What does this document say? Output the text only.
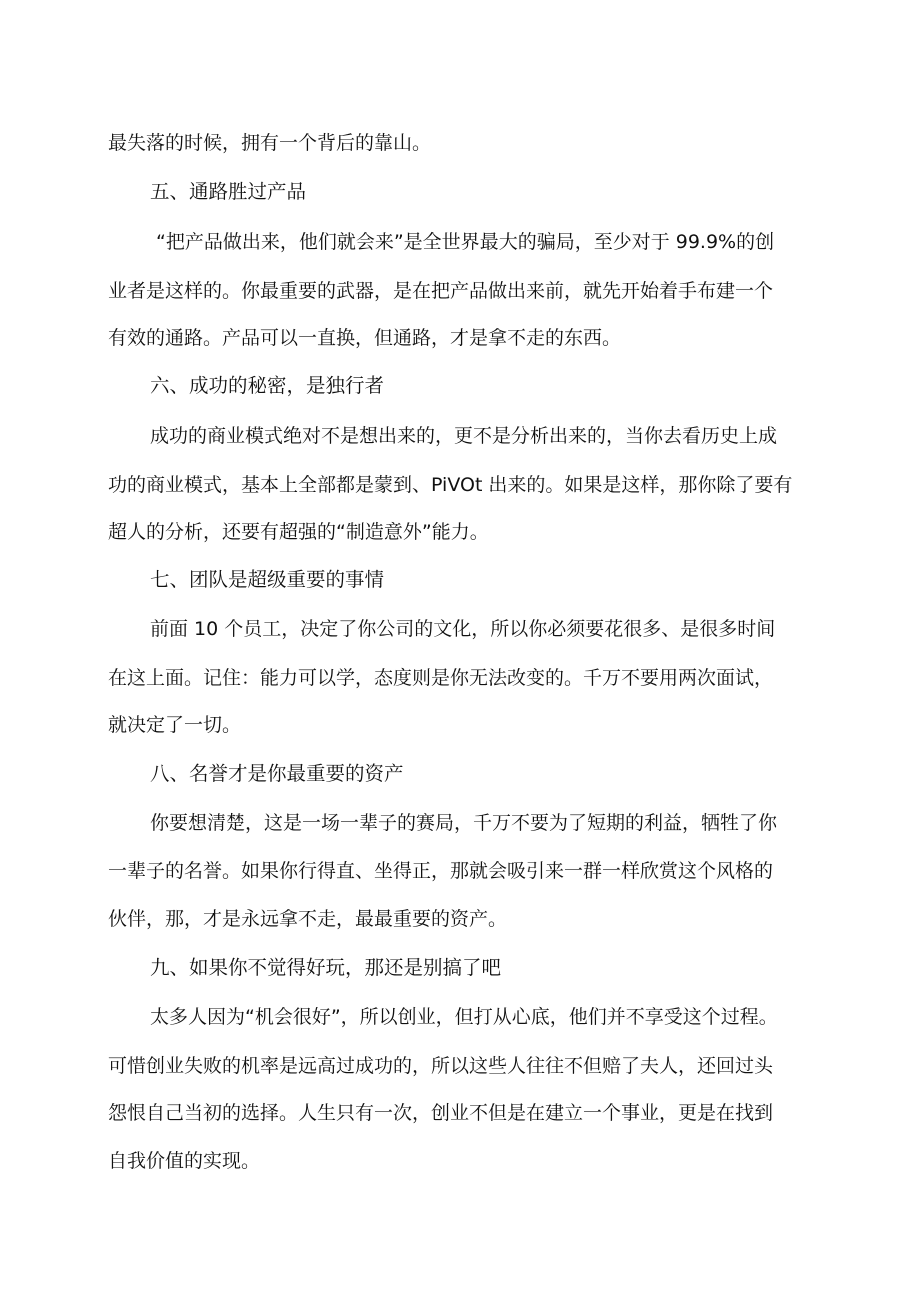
最失落的时候，拥有一个背后的靠山。
五、通路胜过产品
“把产品做出来，他们就会来”是全世界最大的骗局，至少对于 99.9%的创
业者是这样的。你最重要的武器，是在把产品做出来前，就先开始着手布建一个
有效的通路。产品可以一直换，但通路，才是拿不走的东西。
六、成功的秘密，是独行者
成功的商业模式绝对不是想出来的，更不是分析出来的，当你去看历史上成
功的商业模式，基本上全部都是蒙到、PiVOt 出来的。如果是这样，那你除了要有
超人的分析，还要有超强的“制造意外”能力。
七、团队是超级重要的事情
前面 10 个员工，决定了你公司的文化，所以你必须要花很多、是很多时间
在这上面。记住：能力可以学，态度则是你无法改变的。千万不要用两次面试，
就决定了一切。
八、名誉才是你最重要的资产
你要想清楚，这是一场一辈子的赛局，千万不要为了短期的利益，牺牲了你
一辈子的名誉。如果你行得直、坐得正，那就会吸引来一群一样欣赏这个风格的
伙伴，那，才是永远拿不走，最最重要的资产。
九、如果你不觉得好玩，那还是别搞了吧
太多人因为“机会很好”，所以创业，但打从心底，他们并不享受这个过程。
可惜创业失败的机率是远高过成功的，所以这些人往往不但赔了夫人，还回过头
怨恨自己当初的选择。人生只有一次，创业不但是在建立一个事业，更是在找到
自我价值的实现。
